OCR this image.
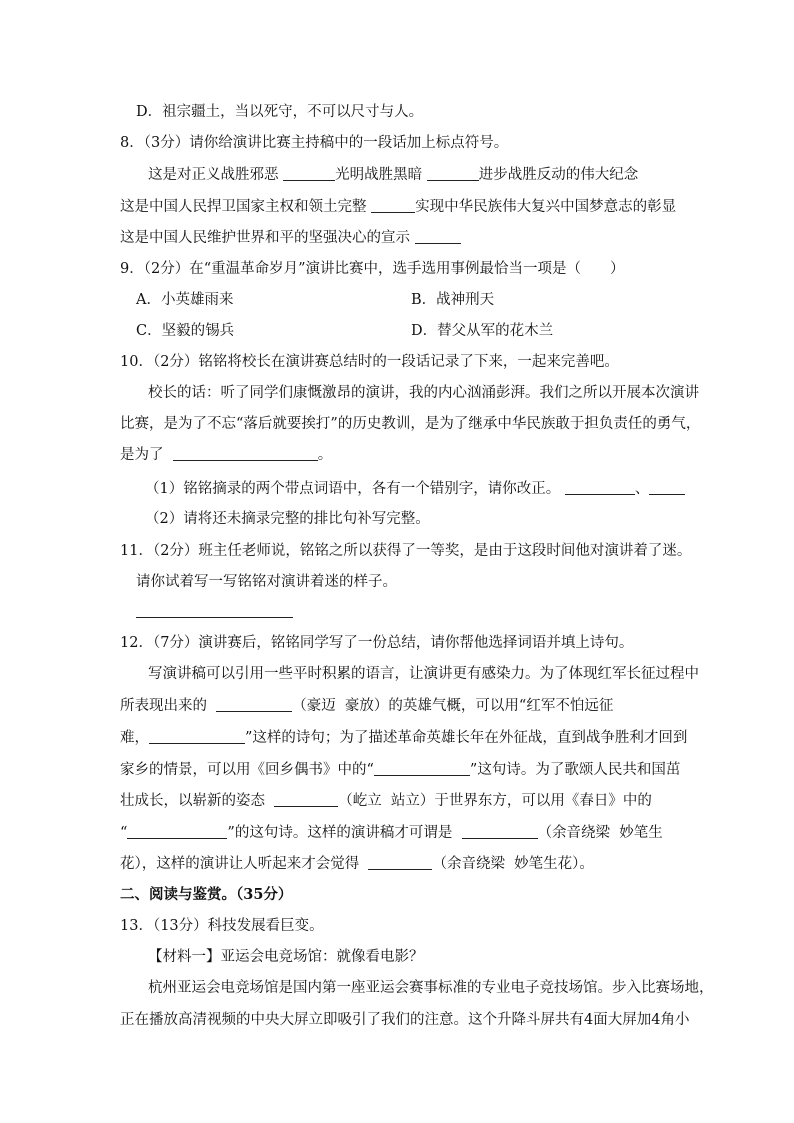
D．祖宗疆土，当以死守，不可以尺寸与人。
8．（3分）请你给演讲比赛主持稿中的一段话加上标点符号。
这是对正义战胜邪恶	光明战胜黑暗	进步战胜反动的伟大纪念
这是中国人民捍卫国家主权和领土完整	实现中华民族伟大复兴中国梦意志的彰显
这是中国人民维护世界和平的坚强决心的宣示
9．（2分）在“重温革命岁月”演讲比赛中，选手选用事例最恰当一项是（　　）
A．小英雄雨来	B．战神刑天
C．坚毅的锡兵	D．替父从军的花木兰
10．（2分）铭铭将校长在演讲赛总结时的一段话记录了下来，一起来完善吧。
校长的话：听了同学们康慨激昂的演讲，我的内心汹涌彭湃。我们之所以开展本次演讲
比赛，是为了不忘“落后就要挨打”的历史教训，是为了继承中华民族敢于担负责任的勇气，
是为了	。
（1）铭铭摘录的两个带点词语中，各有一个错别字，请你改正。	、
（2）请将还未摘录完整的排比句补写完整。
11．（2分）班主任老师说，铭铭之所以获得了一等奖，是由于这段时间他对演讲着了迷。
请你试着写一写铭铭对演讲着迷的样子。
12．（7分）演讲赛后，铭铭同学写了一份总结，请你帮他选择词语并填上诗句。
写演讲稿可以引用一些平时积累的语言，让演讲更有感染力。为了体现红军长征过程中
所表现出来的	（豪迈  豪放）的英雄气概，可以用“红军不怕远征
难，	”这样的诗句；为了描述革命英雄长年在外征战，直到战争胜利才回到
家乡的情景，可以用《回乡偶书》中的“	”这句诗。为了歌颂人民共和国茁
壮成长，以崭新的姿态	（屹立  站立）于世界东方，可以用《春日》中的
“	”的这句诗。这样的演讲稿才可谓是	（余音绕梁  妙笔生
花），这样的演讲让人听起来才会觉得	（余音绕梁  妙笔生花）。
二、阅读与鉴赏。（35分）
13．（13分）科技发展看巨变。
【材料一】亚运会电竞场馆：就像看电影？
杭州亚运会电竞场馆是国内第一座亚运会赛事标准的专业电子竞技场馆。步入比赛场地，
正在播放高清视频的中央大屏立即吸引了我们的注意。这个升降斗屏共有4面大屏加4角小
